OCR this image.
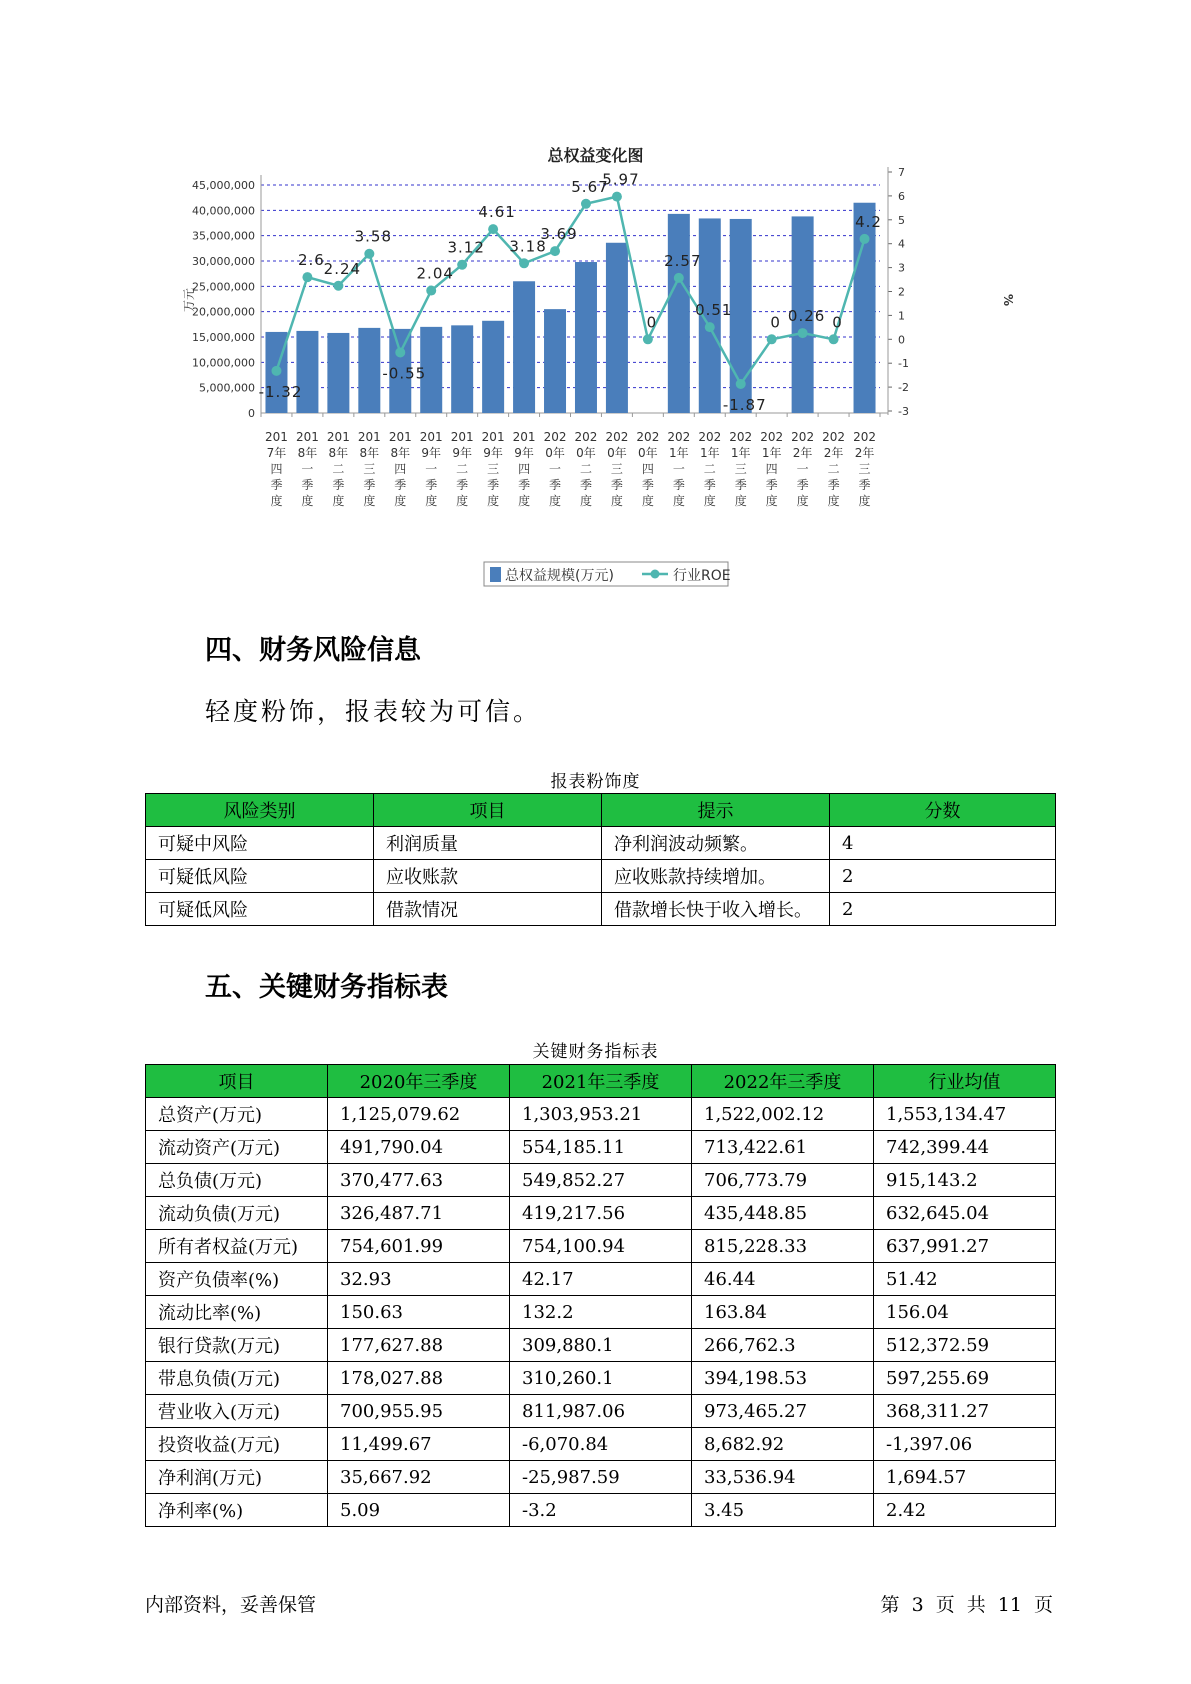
总权益变化图
45,000,000
40,000,000
35,000,000
30,000,000
25,000,000
20,000,000
15,000,000
10,000,000
5,000,000
0
7
6
5
4
3
2
1
0
-1
-2
-3
万元	%
-1.32
2.6
2.24
3.58
-0.55
2.04
3.12
4.61
3.18
3.69
5.67
5.97
0
2.57
0.51
-1.87
0 0.26 0
4.2
201 7年四季度
201 8年一季度
201 8年二季度
201 8年三季度
201 8年四季度
201 9年一季度
201 9年二季度
201 9年三季度
201 9年四季度
202 0年一季度
202 0年二季度
202 0年三季度
202 0年四季度
202 1年一季度
202 1年二季度
202 1年三季度
202 1年四季度
202 2年一季度
202 2年二季度
202 2年三季度
总权益规模(万元)	行业ROE
四、财务风险信息
轻度粉饰，报表较为可信。
报表粉饰度
风险类别	项目	提示	分数
可疑中风险	利润质量	净利润波动频繁。	4
可疑低风险	应收账款	应收账款持续增加。	2
可疑低风险	借款情况	借款增长快于收入增长。	2
五、关键财务指标表
关键财务指标表
项目	2020年三季度	2021年三季度	2022年三季度	行业均值
总资产(万元)	1,125,079.62	1,303,953.21	1,522,002.12	1,553,134.47
流动资产(万元)	491,790.04	554,185.11	713,422.61	742,399.44
总负债(万元)	370,477.63	549,852.27	706,773.79	915,143.2
流动负债(万元)	326,487.71	419,217.56	435,448.85	632,645.04
所有者权益(万元)	754,601.99	754,100.94	815,228.33	637,991.27
资产负债率(%)	32.93	42.17	46.44	51.42
流动比率(%)	150.63	132.2	163.84	156.04
银行贷款(万元)	177,627.88	309,880.1	266,762.3	512,372.59
带息负债(万元)	178,027.88	310,260.1	394,198.53	597,255.69
营业收入(万元)	700,955.95	811,987.06	973,465.27	368,311.27
投资收益(万元)	11,499.67	-6,070.84	8,682.92	-1,397.06
净利润(万元)	35,667.92	-25,987.59	33,536.94	1,694.57
净利率(%)	5.09	-3.2	3.45	2.42
内部资料，妥善保管	第 3 页 共 11 页
